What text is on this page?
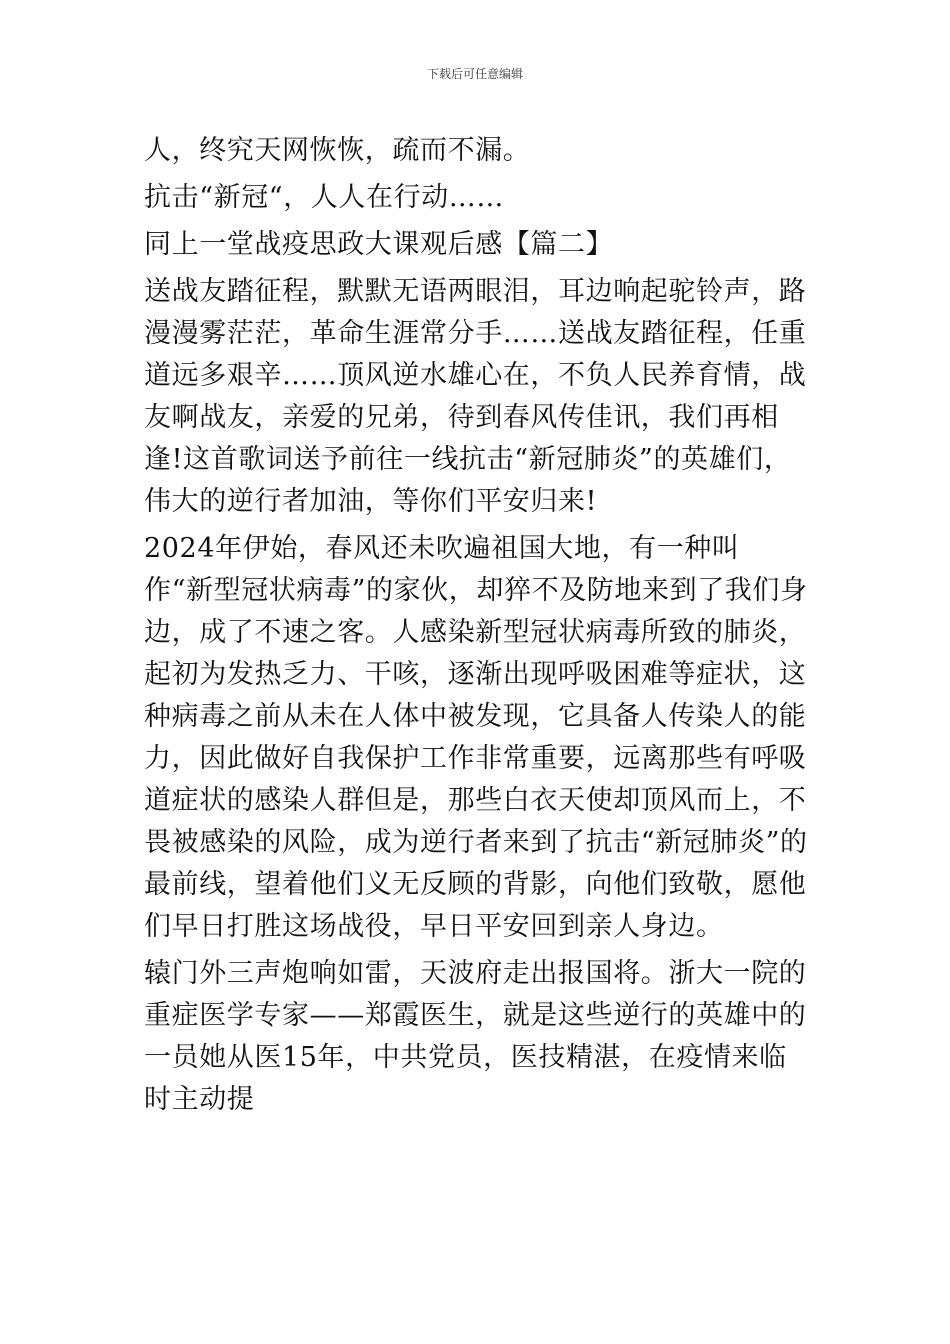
下载后可任意编辑

人，终究天网恢恢，疏而不漏。

抗击“新冠“，人人在行动……

同上一堂战疫思政大课观后感【篇二】

送战友踏征程，默默无语两眼泪，耳边响起驼铃声，路漫漫雾茫茫，革命生涯常分手……送战友踏征程，任重道远多艰辛……顶风逆水雄心在，不负人民养育情，战友啊战友，亲爱的兄弟，待到春风传佳讯，我们再相逢!这首歌词送予前往一线抗击“新冠肺炎”的英雄们，伟大的逆行者加油，等你们平安归来!

2024年伊始，春风还未吹遍祖国大地，有一种叫作“新型冠状病毒”的家伙，却猝不及防地来到了我们身边，成了不速之客。人感染新型冠状病毒所致的肺炎，起初为发热乏力、干咳，逐渐出现呼吸困难等症状，这种病毒之前从未在人体中被发现，它具备人传染人的能力，因此做好自我保护工作非常重要，远离那些有呼吸道症状的感染人群但是，那些白衣天使却顶风而上，不畏被感染的风险，成为逆行者来到了抗击“新冠肺炎”的最前线，望着他们义无反顾的背影，向他们致敬，愿他们早日打胜这场战役，早日平安回到亲人身边。

辕门外三声炮响如雷，天波府走出报国将。浙大一院的重症医学专家——郑霞医生，就是这些逆行的英雄中的一员她从医15年，中共党员，医技精湛，在疫情来临时主动提
